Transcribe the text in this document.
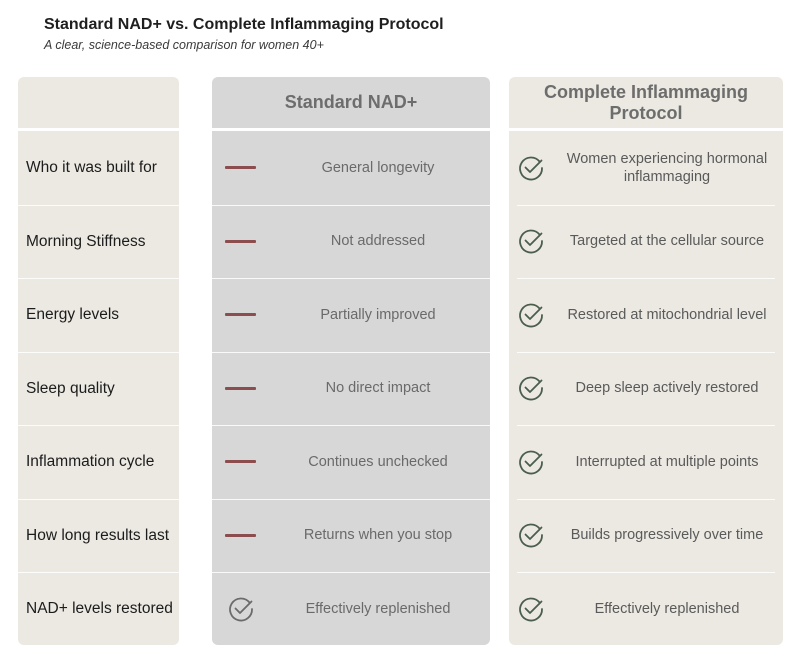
Standard NAD+ vs. Complete Inflammaging Protocol
A clear, science-based comparison for women 40+
Who it was built for
Morning Stiffness
Energy levels
Sleep quality
Inflammation cycle
How long results last
NAD+ levels restored
Standard NAD+
General longevity
Not addressed
Partially improved
No direct impact
Continues unchecked
Returns when you stop
Effectively replenished
Complete Inflammaging Protocol
Women experiencing hormonal inflammaging
Targeted at the cellular source
Restored at mitochondrial level
Deep sleep actively restored
Interrupted at multiple points
Builds progressively over time
Effectively replenished
